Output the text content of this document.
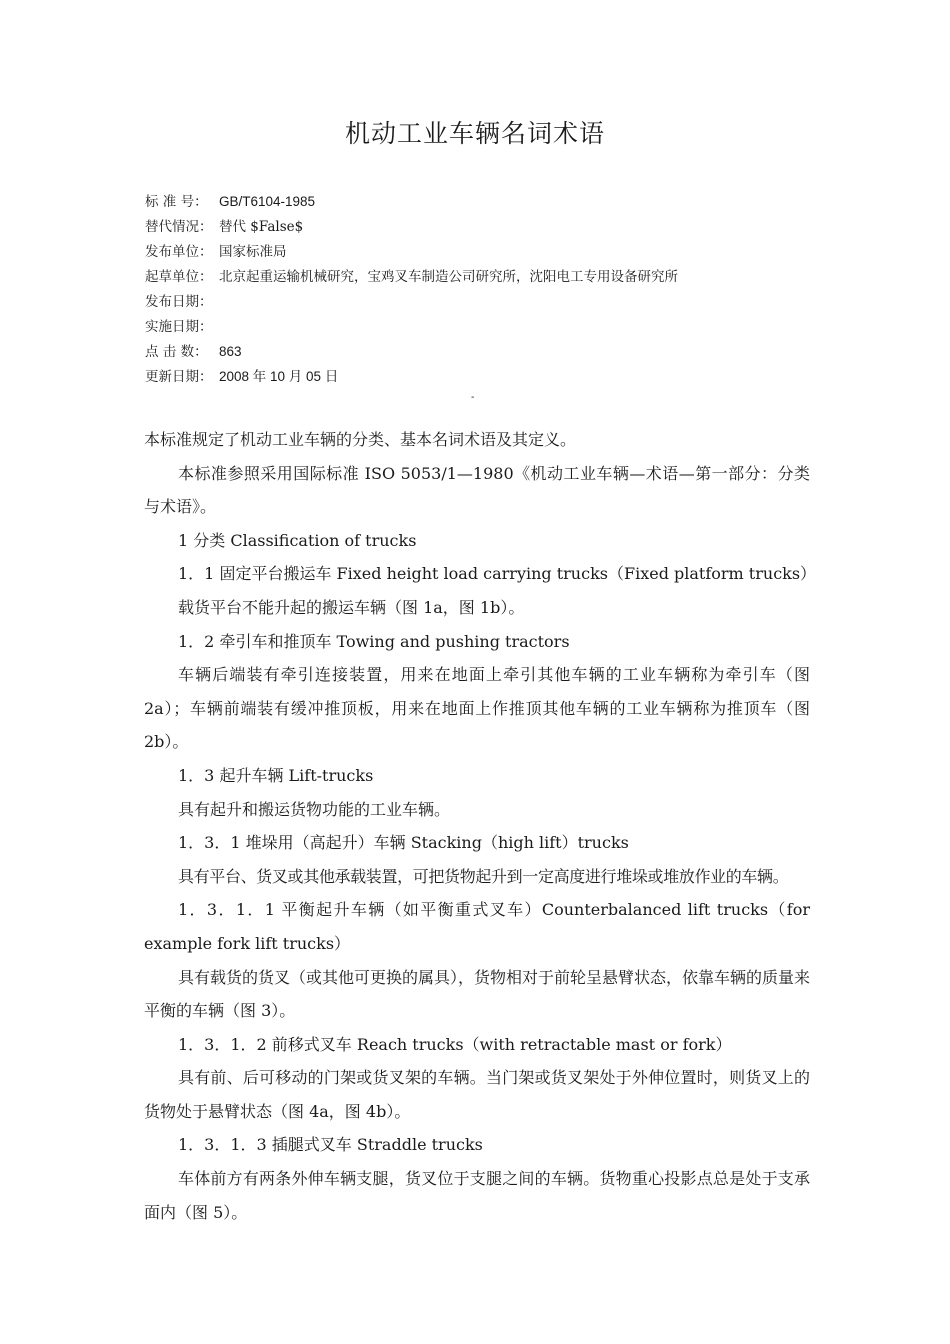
机动工业车辆名词术语
标 准 号： GB/T6104-1985
替代情况： 替代 $False$
发布单位： 国家标准局
起草单位： 北京起重运输机械研究，宝鸡叉车制造公司研究所，沈阳电工专用设备研究所
发布日期：
实施日期：
点 击 数： 863
更新日期： 2008 年 10 月 05 日
-

本标准规定了机动工业车辆的分类、基本名词术语及其定义。

本标准参照采用国际标准 ISO 5053/1—1980《机动工业车辆—术语—第一部分：分类与术语》。

1 分类 Classification of trucks

1．1 固定平台搬运车 Fixed height load carrying trucks（Fixed platform trucks）

载货平台不能升起的搬运车辆（图 1a，图 1b）。

1．2 牵引车和推顶车 Towing and pushing tractors

车辆后端装有牵引连接装置，用来在地面上牵引其他车辆的工业车辆称为牵引车（图 2a）；车辆前端装有缓冲推顶板，用来在地面上作推顶其他车辆的工业车辆称为推顶车（图 2b）。

1．3 起升车辆 Lift-trucks

具有起升和搬运货物功能的工业车辆。

1．3．1 堆垛用（高起升）车辆 Stacking（high lift）trucks

具有平台、货叉或其他承载装置，可把货物起升到一定高度进行堆垛或堆放作业的车辆。

1．3．1．1 平衡起升车辆（如平衡重式叉车）Counterbalanced lift trucks（for example fork lift trucks）

具有载货的货叉（或其他可更换的属具），货物相对于前轮呈悬臂状态，依靠车辆的质量来平衡的车辆（图 3）。

1．3．1．2 前移式叉车 Reach trucks（with retractable mast or fork）

具有前、后可移动的门架或货叉架的车辆。当门架或货叉架处于外伸位置时，则货叉上的货物处于悬臂状态（图 4a，图 4b）。

1．3．1．3 插腿式叉车 Straddle trucks

车体前方有两条外伸车辆支腿，货叉位于支腿之间的车辆。货物重心投影点总是处于支承面内（图 5）。
